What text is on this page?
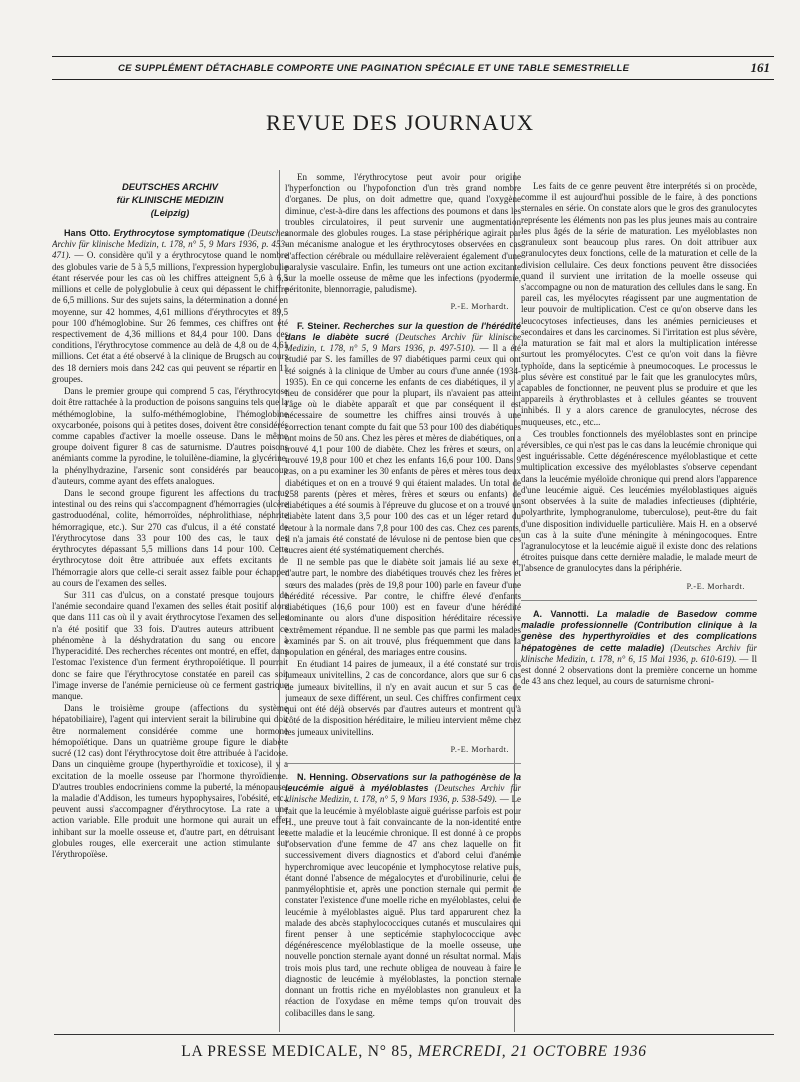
CE SUPPLÉMENT DÉTACHABLE COMPORTE UNE PAGINATION SPÉCIALE ET UNE TABLE SEMESTRIELLE	161
REVUE DES JOURNAUX
DEUTSCHES ARCHIV
für KLINISCHE MEDIZIN
(Leipzig)

Hans Otto. Erythrocytose symptomatique (Deutsches Archiv für klinische Medizin, t. 178, n° 5, 9 Mars 1936, p. 453-471). — O. considère qu'il y a érythrocytose quand le nombre des globules varie de 5 à 5,5 millions, l'expression hyperglobulie étant réservée pour les cas où les chiffres atteignent 5,6 à 6,5 millions et celle de polyglobulie à ceux qui dépassent le chiffre de 6,5 millions. Sur des sujets sains, la détermination a donné en moyenne, sur 42 hommes, 4,61 millions d'érythrocytes et 89,5 pour 100 d'hémoglobine. Sur 26 femmes, ces chiffres ont été respectivement de 4,36 millions et 84,4 pour 100. Dans ces conditions, l'érythrocytose commence au delà de 4,8 ou de 4,61 millions. Cet état a été observé à la clinique de Brugsch au cours des 18 derniers mois dans 242 cas qui peuvent se répartir en 11 groupes.

Dans le premier groupe qui comprend 5 cas, l'érythrocytose doit être rattachée à la production de poisons sanguins tels que la méthémoglobine, la sulfo-méthémoglobine, l'hémoglobine oxycarbonée, poisons qui à petites doses, doivent être considérés comme capables d'activer la moelle osseuse. Dans le même groupe doivent figurer 8 cas de saturnisme. D'autres poisons anémiants comme la pyrodine, le toluilène-diamine, la glycérine, la phénylhydrazine, l'arsenic sont considérés par beaucoup d'auteurs, comme ayant des effets analogues.

Dans le second groupe figurent les affections du tractus intestinal ou des reins qui s'accompagnent d'hémorragies (ulcère gastroduodénal, colite, hémorroïdes, néphrolithiase, néphrite hémorragique, etc.). Sur 270 cas d'ulcus, il a été constaté de l'érythrocytose dans 33 pour 100 des cas, le taux des érythrocytes dépassant 5,5 millions dans 14 pour 100. Cette érythrocytose doit être attribuée aux effets excitants de l'hémorragie alors que celle-ci serait assez faible pour échapper au cours de l'examen des selles.

Sur 311 cas d'ulcus, on a constaté presque toujours de l'anémie secondaire quand l'examen des selles était positif alors que dans 111 cas où il y avait érythrocytose l'examen des selles n'a été positif que 33 fois. D'autres auteurs attribuent ce phénomène à la déshydratation du sang ou encore à l'hyperacidité. Des recherches récentes ont montré, en effet, dans l'estomac l'existence d'un ferment érythropoïétique. Il pourrait donc se faire que l'érythrocytose constatée en pareil cas soit l'image inverse de l'anémie pernicieuse où ce ferment gastrique manque.

Dans le troisième groupe (affections du système hépatobiliaire), l'agent qui intervient serait la bilirubine qui doit être normalement considérée comme une hormone hémopoïétique. Dans un quatrième groupe figure le diabète sucré (12 cas) dont l'érythrocytose doit être attribuée à l'acidose. Dans un cinquième groupe (hyperthyroïdie et toxicose), il y a excitation de la moelle osseuse par l'hormone thyroïdienne. D'autres troubles endocriniens comme la puberté, la ménopause, la maladie d'Addison, les tumeurs hypophysaires, l'obésité, etc., peuvent aussi s'accompagner d'érythrocytose. La rate a une action variable. Elle produit une hormone qui aurait un effet inhibant sur la moelle osseuse et, d'autre part, en détruisant les globules rouges, elle exercerait une action stimulante sur l'érythropoïèse.

En somme, l'érythrocytose peut avoir pour origine l'hyperfonction ou l'hypofonction d'un très grand nombre d'organes. De plus, on doit admettre que, quand l'oxygène diminue, c'est-à-dire dans les affections des poumons et dans les troubles circulatoires, il peut survenir une augmentation anormale des globules rouges. La stase périphérique agirait par un mécanisme analogue et les érythrocytoses observées en cas d'affection cérébrale ou médullaire relèveraient également d'une paralysie vasculaire. Enfin, les tumeurs ont une action excitante sur la moelle osseuse de même que les infections (pyodermie, péritonite, blennorragie, paludisme).

P.-E. Morhardt.

F. Steiner. Recherches sur la question de l'hérédité dans le diabète sucré (Deutsches Archiv für klinische Medizin, t. 178, n° 5, 9 Mars 1936, p. 497-510). — Il a été étudié par S. les familles de 97 diabétiques parmi ceux qui ont été soignés à la clinique de Umber au cours d'une année (1934-1935). En ce qui concerne les enfants de ces diabétiques, il y a lieu de considérer que pour la plupart, ils n'avaient pas atteint l'âge où le diabète apparaît et que par conséquent il est nécessaire de soumettre les chiffres ainsi trouvés à une correction tenant compte du fait que 53 pour 100 des diabétiques ont moins de 50 ans. Chez les pères et mères de diabétiques, on a trouvé 4,1 pour 100 de diabète. Chez les frères et sœurs, on a trouvé 19,8 pour 100 et chez les enfants 16,6 pour 100. Dans 9 cas, on a pu examiner les 30 enfants de pères et mères tous deux diabétiques et on en a trouvé 9 qui étaient malades. Un total de 258 parents (pères et mères, frères et sœurs ou enfants) de diabétiques a été soumis à l'épreuve du glucose et on a trouvé un diabète latent dans 3,5 pour 100 des cas et un léger retard du retour à la normale dans 7,8 pour 100 des cas. Chez ces parents, il n'a jamais été constaté de lévulose ni de pentose bien que ces sucres aient été systématiquement cherchés.

Il ne semble pas que le diabète soit jamais lié au sexe et, d'autre part, le nombre des diabétiques trouvés chez les frères et sœurs des malades (près de 19,8 pour 100) parle en faveur d'une hérédité récessive. Par contre, le chiffre élevé d'enfants diabétiques (16,6 pour 100) est en faveur d'une hérédité dominante ou alors d'une disposition héréditaire récessive extrêmement répandue. Il ne semble pas que parmi les malades examinés par S. on ait trouvé, plus fréquemment que dans la population en général, des mariages entre cousins.

En étudiant 14 paires de jumeaux, il a été constaté sur trois jumeaux univitellins, 2 cas de concordance, alors que sur 6 cas de jumeaux bivitellins, il n'y en avait aucun et sur 5 cas de jumeaux de sexe différent, un seul. Ces chiffres confirment ceux qui ont été déjà observés par d'autres auteurs et montrent qu'à côté de la disposition héréditaire, le milieu intervient même chez les jumeaux univitellins.

P.-E. Morhardt.

N. Henning. Observations sur la pathogénèse de la leucémie aiguë à myéloblastes (Deutsches Archiv für klinische Medizin, t. 178, n° 5, 9 Mars 1936, p. 538-549). — Le fait que la leucémie à myéloblaste aiguë guérisse parfois est pour H., une preuve tout à fait convaincante de la non-identité entre cette maladie et la leucémie chronique. Il est donné à ce propos l'observation d'une femme de 47 ans chez laquelle on fit successivement divers diagnostics et d'abord celui d'anémie hyperchromique avec leucopénie et lymphocytose relative puis, étant donné l'absence de mégalocytes et d'urobilinurie, celui de panmyélophtisie et, après une ponction sternale qui permit de constater l'existence d'une moelle riche en myéloblastes, celui de leucémie à myéloblastes aiguë. Plus tard apparurent chez la malade des abcès staphylococciques cutanés et musculaires qui firent penser à une septicémie staphylococcique avec dégénérescence myéloblastique de la moelle osseuse, une nouvelle ponction sternale ayant donné un résultat normal. Mais trois mois plus tard, une rechute obligea de nouveau à faire le diagnostic de leucémie à myéloblastes, la ponction sternale donnant un frottis riche en myéloblastes non granuleux et la réaction de l'oxydase en même temps qu'on trouvait des colibacilles dans le sang.

Les faits de ce genre peuvent être interprétés si on procède, comme il est aujourd'hui possible de le faire, à des ponctions sternales en série. On constate alors que le gros des granulocytes représente les éléments non pas les plus jeunes mais au contraire les plus âgés de la série de maturation. Les myéloblastes non granuleux sont beaucoup plus rares. On doit attribuer aux granulocytes deux fonctions, celle de la maturation et celle de la division cellulaire. Ces deux fonctions peuvent être dissociées quand il survient une irritation de la moelle osseuse qui s'accompagne ou non de maturation des cellules dans le sang. En pareil cas, les myélocytes réagissent par une augmentation de leur pouvoir de multiplication. C'est ce qu'on observe dans les leucocytoses infectieuses, dans les anémies pernicieuses et secondaires et dans les carcinomes. Si l'irritation est plus sévère, la maturation se fait mal et alors la multiplication intéresse surtout les promyélocytes. C'est ce qu'on voit dans la fièvre typhoïde, dans la septicémie à pneumocoques. Le processus le plus sévère est constitué par le fait que les granulocytes mûrs, capables de fonctionner, ne peuvent plus se produire et que les appareils à érythroblastes et à cellules géantes se trouvent inhibés. Il y a alors carence de granulocytes, nécrose des muqueuses, etc., etc...

Ces troubles fonctionnels des myéloblastes sont en principe réversibles, ce qui n'est pas le cas dans la leucémie chronique qui est inguérissable. Cette dégénérescence myéloblastique et cette multiplication excessive des myéloblastes s'observe cependant dans la leucémie myéloïde chronique qui prend alors l'apparence d'une leucémie aiguë. Ces leucémies myéloblastiques aiguës sont observées à la suite de maladies infectieuses (diphtérie, polyarthrite, lymphogranulome, tuberculose), peut-être du fait d'une disposition individuelle particulière. Mais H. en a observé un cas à la suite d'une méningite à méningocoques. Entre l'agranulocytose et la leucémie aiguë il existe donc des relations étroites puisque dans cette dernière maladie, le malade meurt de l'absence de granulocytes dans la périphérie.

P.-E. Morhardt.

A. Vannotti. La maladie de Basedow comme maladie professionnelle (Contribution clinique à la genèse des hyperthyroïdies et des complications hépatogènes de cette maladie) (Deutsches Archiv für klinische Medizin, t. 178, n° 6, 15 Mai 1936, p. 610-619). — Il est donné 2 observations dont la première concerne un homme de 43 ans chez lequel, au cours de saturnisme chroni-

LA PRESSE MEDICALE, N° 85, MERCREDI, 21 OCTOBRE 1936
